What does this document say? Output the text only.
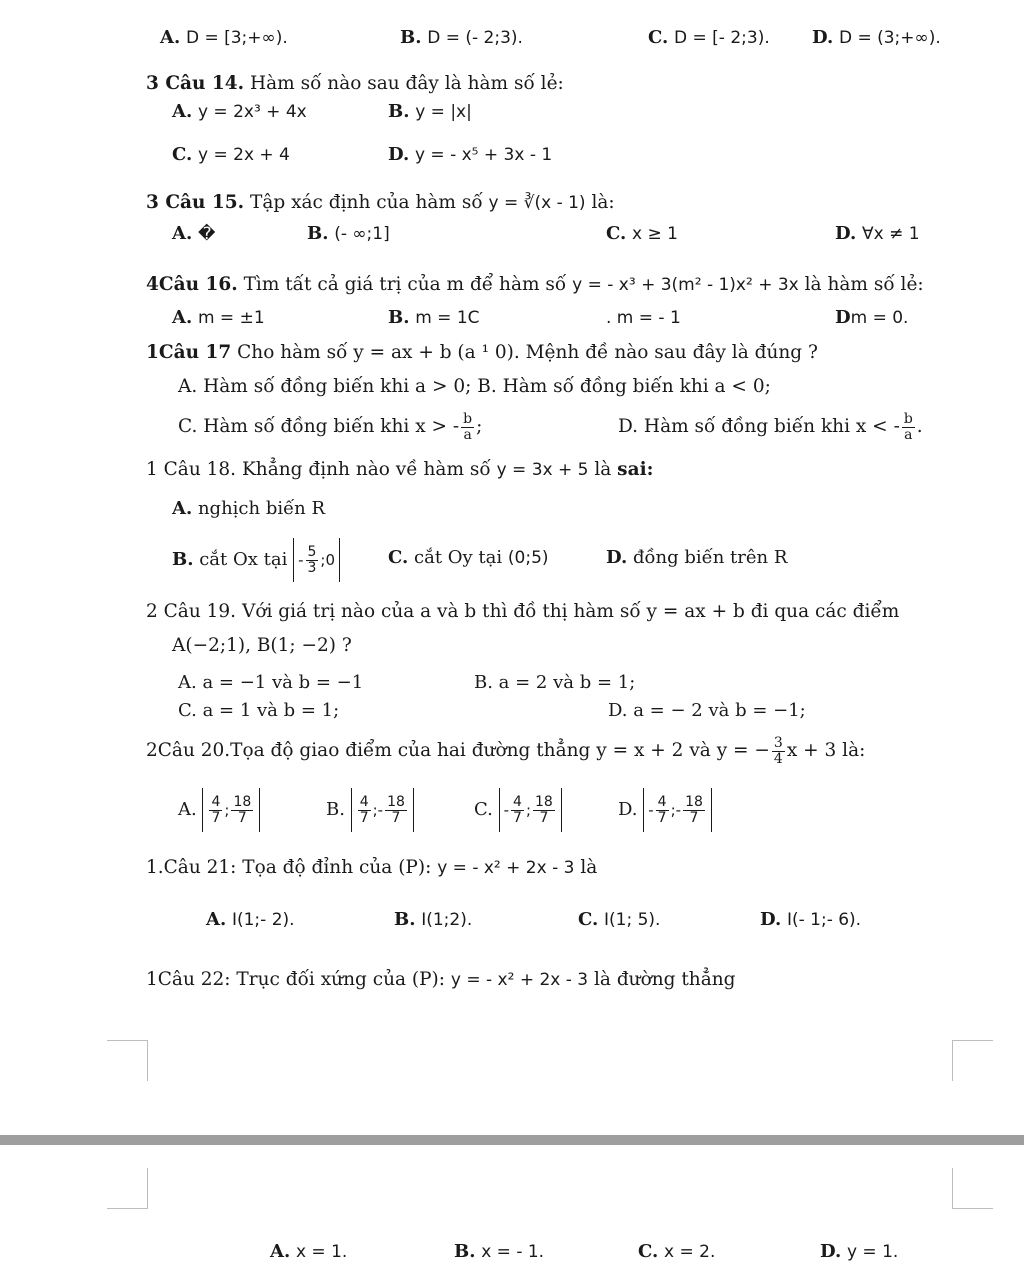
A. D = [3;+∞).	B. D = (- 2;3).	C. D = [- 2;3). D. D = (3;+∞).
3 Câu 14. Hàm số nào sau đây là hàm số lẻ:
A. y = 2x³ + 4x	B. y = |x|
C. y = 2x + 4	D. y = - x⁵ + 3x - 1
3 Câu 15. Tập xác định của hàm số y = ∛(x - 1) là:
A. �	B. (- ∞;1]	C. x ≥ 1	D. ∀x ≠ 1
4Câu 16. Tìm tất cả giá trị của m để hàm số y = - x³ + 3(m² - 1)x² + 3x là hàm số lẻ:
A. m = ±1	B. m = 1C	. m = - 1	Dm = 0.
1Câu 17 Cho hàm số y = ax + b (a ¹ 0). Mệnh đề nào sau đây là đúng ?
A. Hàm số đồng biến khi a > 0; B. Hàm số đồng biến khi a < 0;
C. Hàm số đồng biến khi x > - $\frac{b}{a}$ ;	D. Hàm số đồng biến khi x < - $\frac{b}{a}$ .
1 Câu 18. Khẳng định nào về hàm số y = 3x + 5 là sai:
A. nghịch biến R
B. cắt Ox tại - $\frac{5}{3}$ ;0	C. cắt Oy tại (0;5)	D. đồng biến trên R
2 Câu 19. Với giá trị nào của a và b thì đồ thị hàm số y = ax + b đi qua các điểm
A(−2;1), B(1; −2) ?
A. a = −1 và b = −1	B. a = 2 và b = 1;
C. a = 1 và b = 1;	D. a = − 2 và b = −1;
2Câu 20.Tọa độ giao điểm của hai đường thẳng y = x + 2 và y = − $\frac{3}{4}$ x + 3 là:
A. $\frac{4}{7}$ ; $\frac{18}{7}$	B. $\frac{4}{7}$ ; - $\frac{18}{7}$	C. - $\frac{4}{7}$ ; $\frac{18}{7}$	D. - $\frac{4}{7}$ ; - $\frac{18}{7}$
1.Câu 21: Tọa độ đỉnh của (P): y = - x² + 2x - 3 là
A. I(1;- 2).	B. I(1;2).	C. I(1; 5).	D. I(- 1;- 6).
1Câu 22: Trục đối xứng của (P): y = - x² + 2x - 3 là đường thẳng
A. x = 1.	B. x = - 1.	C. x = 2.	D. y = 1.
